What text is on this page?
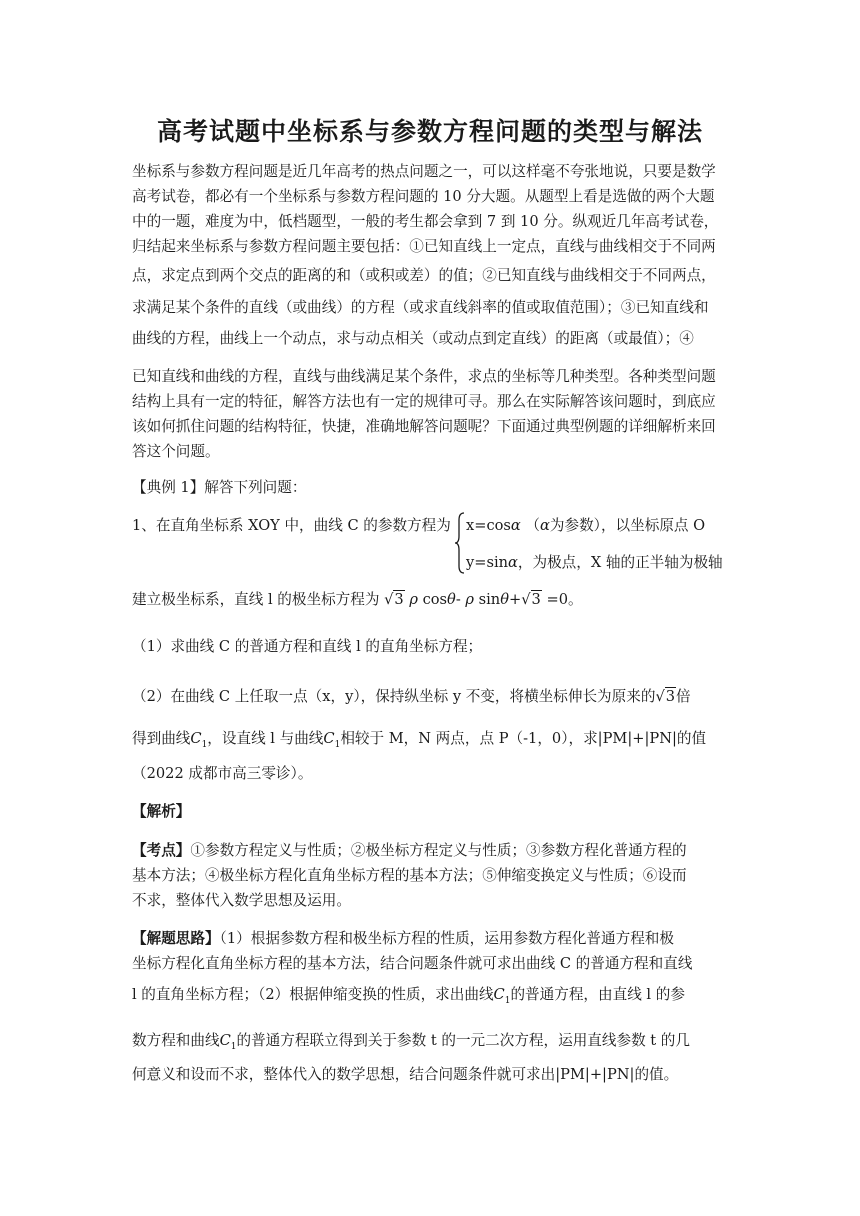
高考试题中坐标系与参数方程问题的类型与解法
坐标系与参数方程问题是近几年高考的热点问题之一，可以这样毫不夸张地说，只要是数学
高考试卷，都必有一个坐标系与参数方程问题的 10 分大题。从题型上看是选做的两个大题
中的一题，难度为中，低档题型，一般的考生都会拿到 7 到 10 分。纵观近几年高考试卷，
归结起来坐标系与参数方程问题主要包括：①已知直线上一定点，直线与曲线相交于不同两
点，求定点到两个交点的距离的和（或积或差）的值；②已知直线与曲线相交于不同两点，
求满足某个条件的直线（或曲线）的方程（或求直线斜率的值或取值范围）；③已知直线和
曲线的方程，曲线上一个动点，求与动点相关（或动点到定直线）的距离（或最值）；④
已知直线和曲线的方程，直线与曲线满足某个条件，求点的坐标等几种类型。各种类型问题
结构上具有一定的特征，解答方法也有一定的规律可寻。那么在实际解答该问题时，到底应
该如何抓住问题的结构特征，快捷，准确地解答问题呢？下面通过典型例题的详细解析来回
答这个问题。
【典例 1】解答下列问题：
1、在直角坐标系 XOY 中，曲线 C 的参数方程为 x=cosα （α为参数），以坐标原点 O
y=sinα，为极点，X 轴的正半轴为极轴
建立极坐标系，直线 l 的极坐标方程为 √3 ρ cosθ- ρ sinθ+√3 =0。
（1）求曲线 C 的普通方程和直线 l 的直角坐标方程；
（2）在曲线 C 上任取一点（x，y），保持纵坐标 y 不变，将横坐标伸长为原来的√3倍
得到曲线$C_1$，设直线 l 与曲线$C_1$相较于 M，N 两点，点 P（-1，0），求|PM|+|PN|的值
（2022 成都市高三零诊）。
【解析】
【考点】①参数方程定义与性质；②极坐标方程定义与性质；③参数方程化普通方程的
基本方法；④极坐标方程化直角坐标方程的基本方法；⑤伸缩变换定义与性质；⑥设而
不求，整体代入数学思想及运用。
【解题思路】（1）根据参数方程和极坐标方程的性质，运用参数方程化普通方程和极
坐标方程化直角坐标方程的基本方法，结合问题条件就可求出曲线 C 的普通方程和直线
l 的直角坐标方程；（2）根据伸缩变换的性质，求出曲线$C_1$的普通方程，由直线 l 的参
数方程和曲线$C_1$的普通方程联立得到关于参数 t 的一元二次方程，运用直线参数 t 的几
何意义和设而不求，整体代入的数学思想，结合问题条件就可求出|PM|+|PN|的值。
